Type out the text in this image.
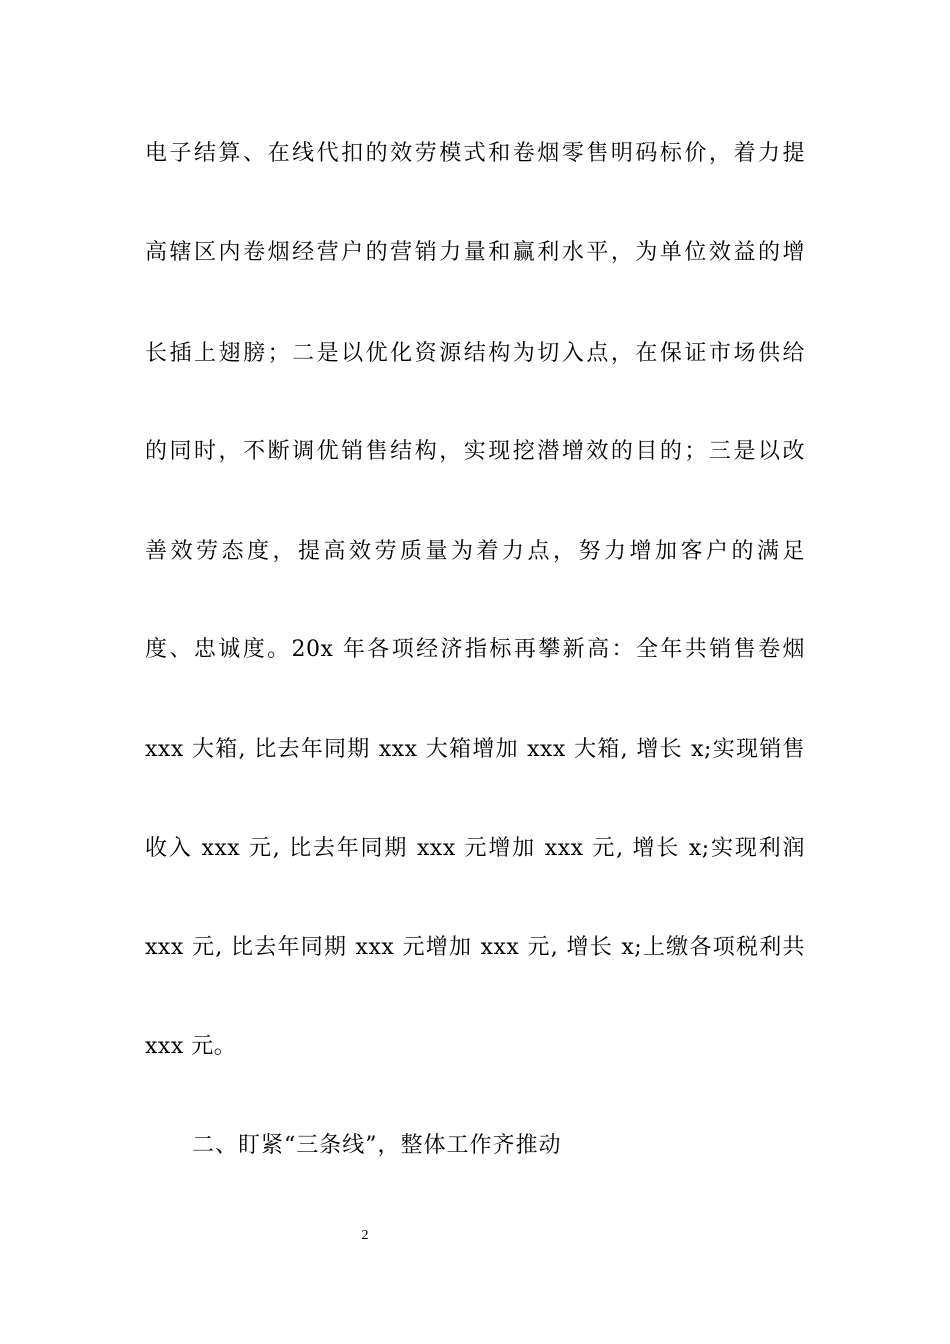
电子结算、在线代扣的效劳模式和卷烟零售明码标价，着力提
高辖区内卷烟经营户的营销力量和赢利水平，为单位效益的增
长插上翅膀；二是以优化资源结构为切入点，在保证市场供给
的同时，不断调优销售结构，实现挖潜增效的目的；三是以改
善效劳态度，提高效劳质量为着力点，努力增加客户的满足
度、忠诚度。20x 年各项经济指标再攀新高：全年共销售卷烟
xxx 大箱, 比去年同期 xxx 大箱增加 xxx 大箱, 增长 x;实现销售
收入 xxx 元, 比去年同期 xxx 元增加 xxx 元, 增长 x;实现利润
xxx 元, 比去年同期 xxx 元增加 xxx 元, 增长 x;上缴各项税利共
xxx 元。
二、盯紧“三条线”，整体工作齐推动
2
